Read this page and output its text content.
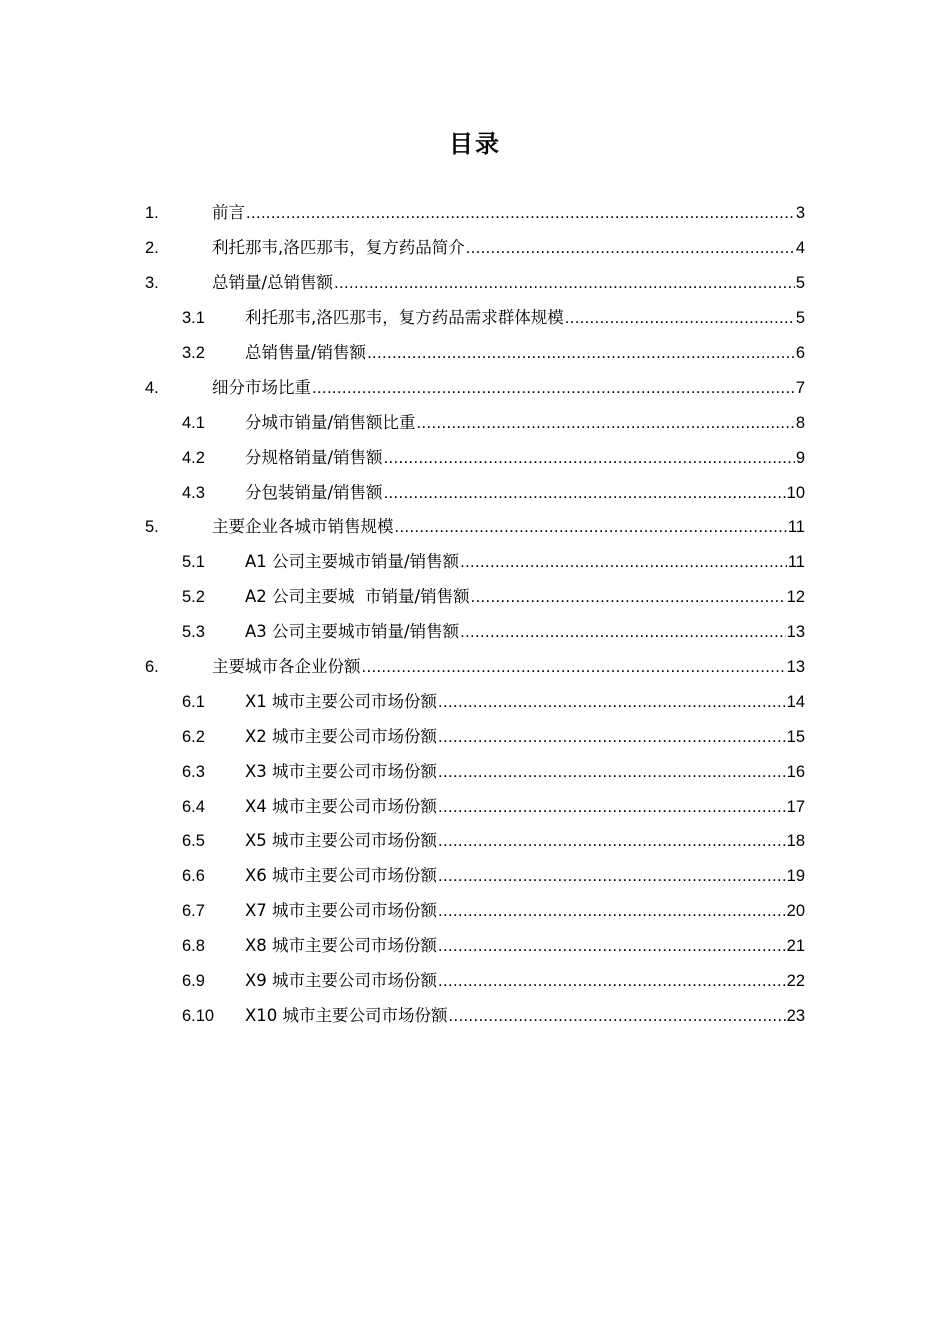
目录
1.	前言 .....	3
2.	利托那韦,洛匹那韦，复方药品简介 .....	4
3.	总销量/总销售额 .....	5
3.1 利托那韦,洛匹那韦，复方药品需求群体规模 .....	5
3.2 总销售量/销售额 .....	6
4.	细分市场比重 .....	7
4.1 分城市销量/销售额比重 .....	8
4.2 分规格销量/销售额 .....	9
4.3 分包装销量/销售额 .....	10
5.	主要企业各城市销售规模 .....	11
5.1 A1 公司主要城市销量/销售额 .....	11
5.2 A2 公司主要城  市销量/销售额 .....	12
5.3 A3 公司主要城市销量/销售额 .....	13
6.	主要城市各企业份额 .....	13
6.1 X1 城市主要公司市场份额 .....	14
6.2 X2 城市主要公司市场份额 .....	15
6.3 X3 城市主要公司市场份额 .....	16
6.4 X4 城市主要公司市场份额 .....	17
6.5 X5 城市主要公司市场份额 .....	18
6.6 X6 城市主要公司市场份额 .....	19
6.7 X7 城市主要公司市场份额 .....	20
6.8 X8 城市主要公司市场份额 .....	21
6.9 X9 城市主要公司市场份额 .....	22
6.10 X10 城市主要公司市场份额 .....	23
